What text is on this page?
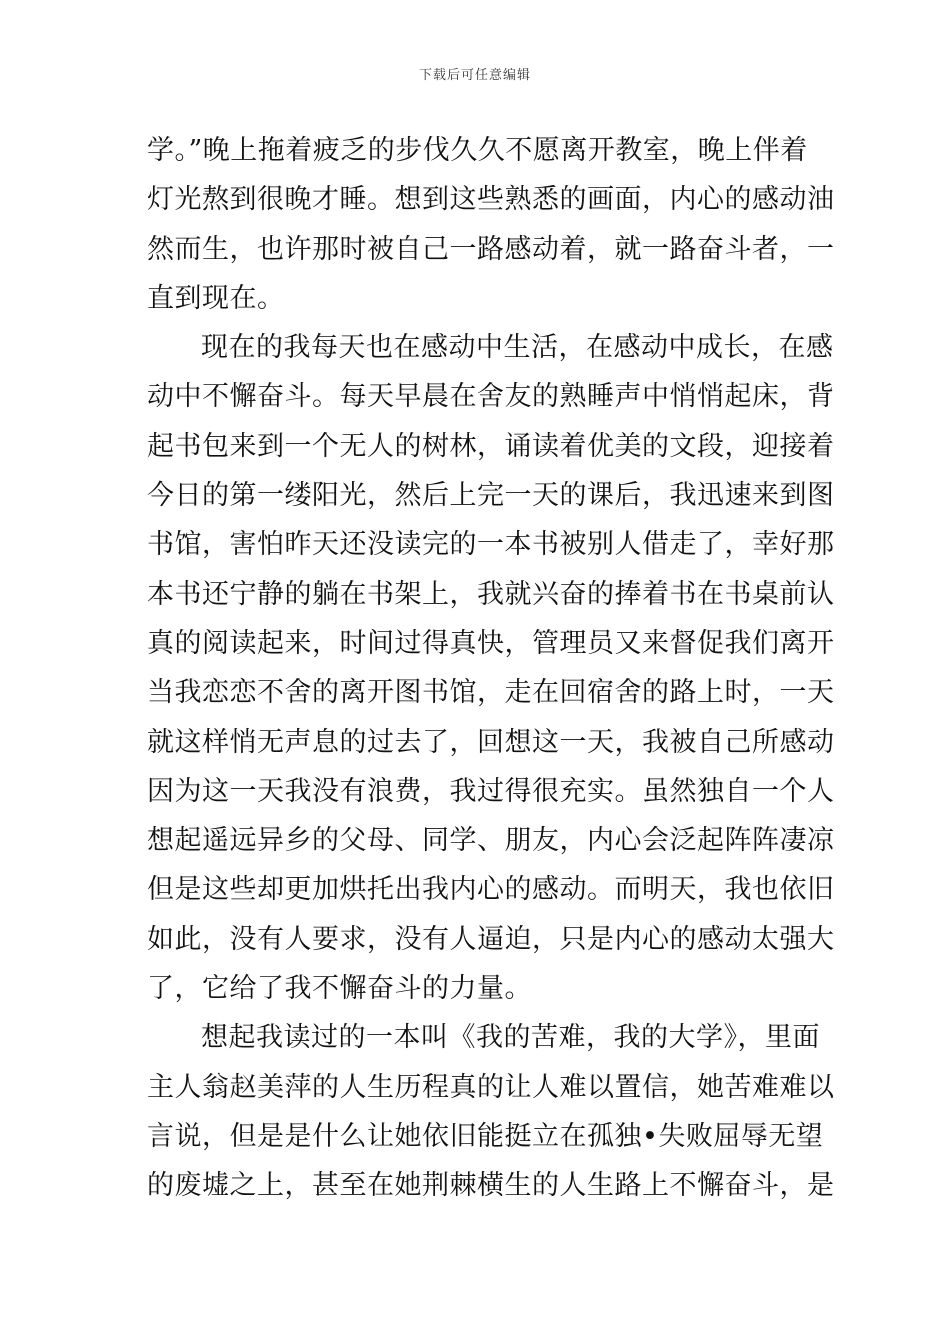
下载后可任意编辑
学。”晚上拖着疲乏的步伐久久不愿离开教室，晚上伴着
灯光熬到很晚才睡。想到这些熟悉的画面，内心的感动油
然而生，也许那时被自己一路感动着，就一路奋斗者，一
直到现在。
现在的我每天也在感动中生活，在感动中成长，在感
动中不懈奋斗。每天早晨在舍友的熟睡声中悄悄起床，背
起书包来到一个无人的树林，诵读着优美的文段，迎接着
今日的第一缕阳光，然后上完一天的课后，我迅速来到图
书馆，害怕昨天还没读完的一本书被别人借走了，幸好那
本书还宁静的躺在书架上，我就兴奋的捧着书在书桌前认
真的阅读起来，时间过得真快，管理员又来督促我们离开
当我恋恋不舍的离开图书馆，走在回宿舍的路上时，一天
就这样悄无声息的过去了，回想这一天，我被自己所感动
因为这一天我没有浪费，我过得很充实。虽然独自一个人
想起遥远异乡的父母、同学、朋友，内心会泛起阵阵凄凉
但是这些却更加烘托出我内心的感动。而明天，我也依旧
如此，没有人要求，没有人逼迫，只是内心的感动太强大
了，它给了我不懈奋斗的力量。
想起我读过的一本叫《我的苦难，我的大学》，里面
主人翁赵美萍的人生历程真的让人难以置信，她苦难难以
言说，但是是什么让她依旧能挺立在孤独•失败屈辱无望
的废墟之上，甚至在她荆棘横生的人生路上不懈奋斗，是
